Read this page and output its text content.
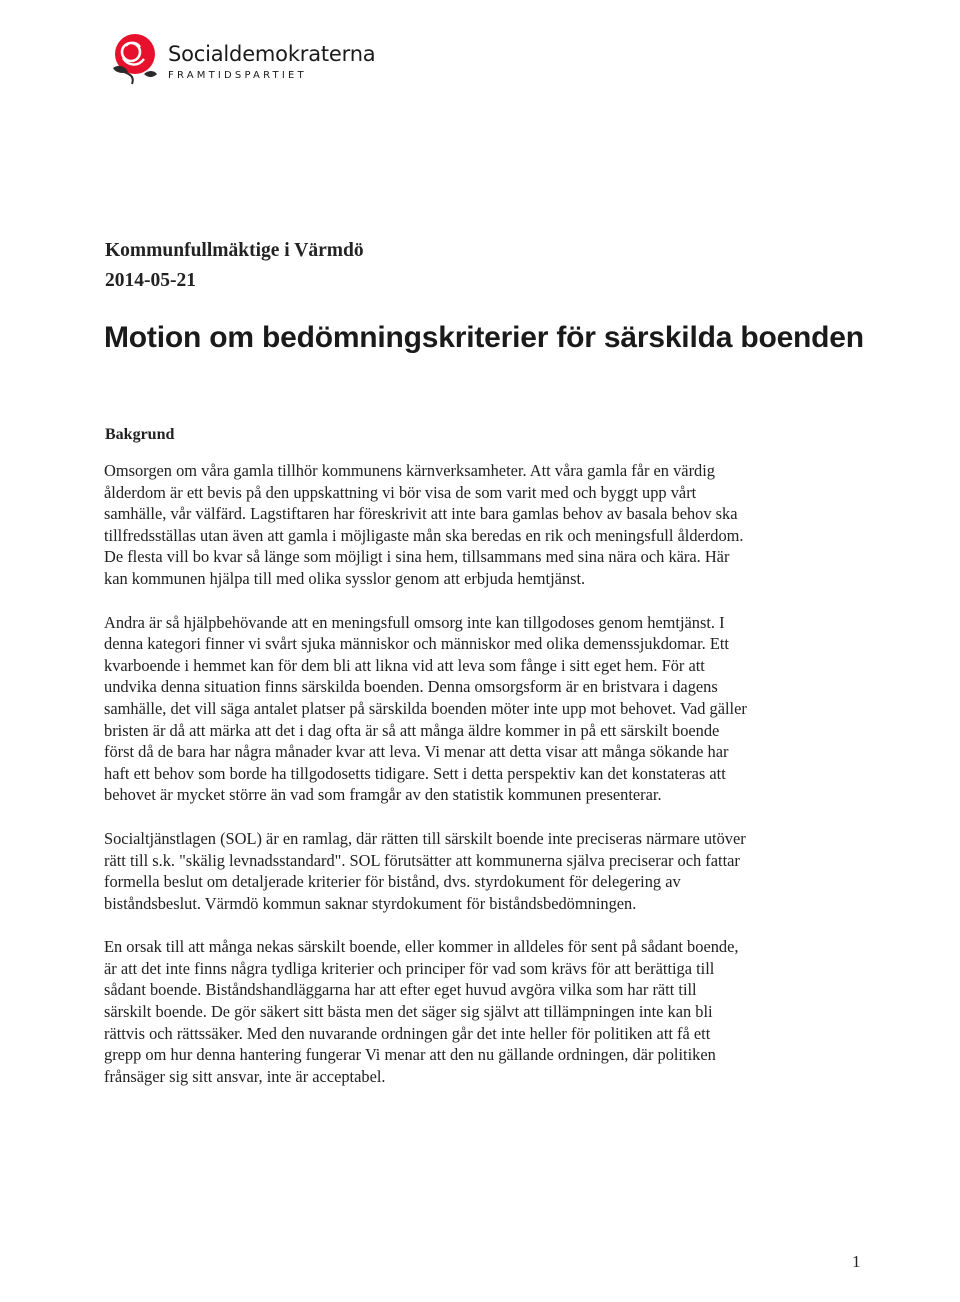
Socialdemokraterna
FRAMTIDSPARTIET
Kommunfullmäktige i Värmdö
2014-05-21
Motion om bedömningskriterier för särskilda boenden
Bakgrund

Omsorgen om våra gamla tillhör kommunens kärnverksamheter. Att våra gamla får en värdig
ålderdom är ett bevis på den uppskattning vi bör visa de som varit med och byggt upp vårt
samhälle, vår välfärd. Lagstiftaren har föreskrivit att inte bara gamlas behov av basala behov ska
tillfredsställas utan även att gamla i möjligaste mån ska beredas en rik och meningsfull ålderdom.
De flesta vill bo kvar så länge som möjligt i sina hem, tillsammans med sina nära och kära. Här
kan kommunen hjälpa till med olika sysslor genom att erbjuda hemtjänst.

Andra är så hjälpbehövande att en meningsfull omsorg inte kan tillgodoses genom hemtjänst. I
denna kategori finner vi svårt sjuka människor och människor med olika demenssjukdomar. Ett
kvarboende i hemmet kan för dem bli att likna vid att leva som fånge i sitt eget hem. För att
undvika denna situation finns särskilda boenden. Denna omsorgsform är en bristvara i dagens
samhälle, det vill säga antalet platser på särskilda boenden möter inte upp mot behovet. Vad gäller
bristen är då att märka att det i dag ofta är så att många äldre kommer in på ett särskilt boende
först då de bara har några månader kvar att leva. Vi menar att detta visar att många sökande har
haft ett behov som borde ha tillgodosetts tidigare. Sett i detta perspektiv kan det konstateras att
behovet är mycket större än vad som framgår av den statistik kommunen presenterar.

Socialtjänstlagen (SOL) är en ramlag, där rätten till särskilt boende inte preciseras närmare utöver
rätt till s.k. "skälig levnadsstandard". SOL förutsätter att kommunerna själva preciserar och fattar
formella beslut om detaljerade kriterier för bistånd, dvs. styrdokument för delegering av
biståndsbeslut. Värmdö kommun saknar styrdokument för biståndsbedömningen.

En orsak till att många nekas särskilt boende, eller kommer in alldeles för sent på sådant boende,
är att det inte finns några tydliga kriterier och principer för vad som krävs för att berättiga till
sådant boende. Biståndshandläggarna har att efter eget huvud avgöra vilka som har rätt till
särskilt boende. De gör säkert sitt bästa men det säger sig självt att tillämpningen inte kan bli
rättvis och rättssäker. Med den nuvarande ordningen går det inte heller för politiken att få ett
grepp om hur denna hantering fungerar Vi menar att den nu gällande ordningen, där politiken
frånsäger sig sitt ansvar, inte är acceptabel.

1
